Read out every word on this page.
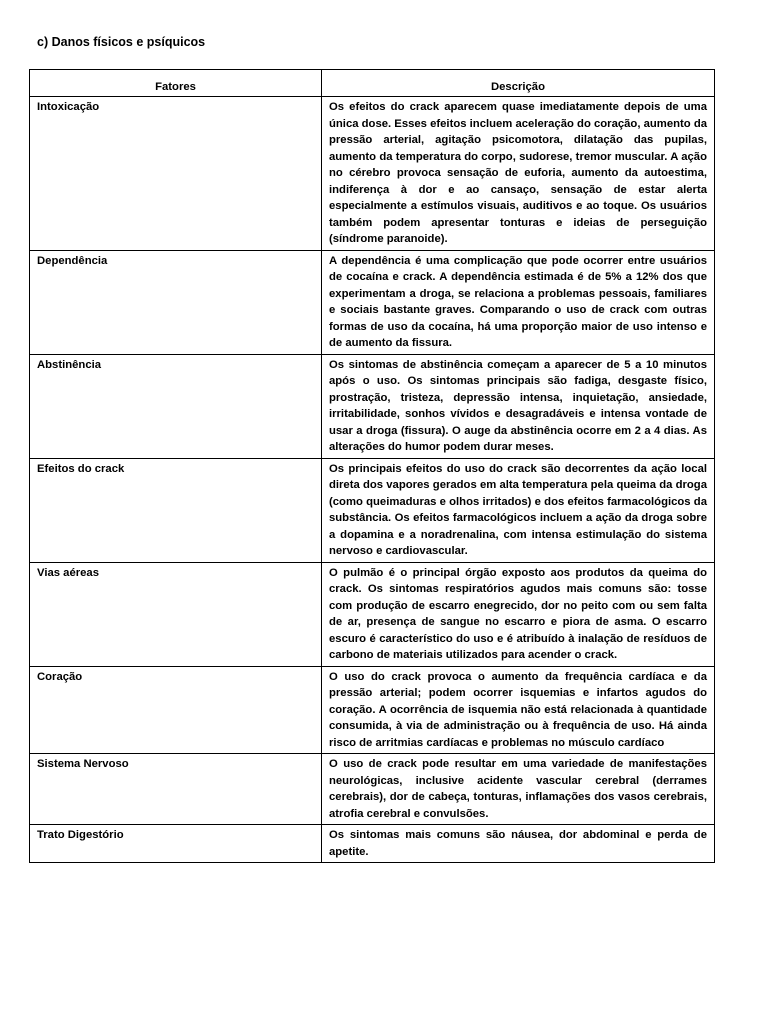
c) Danos físicos e psíquicos
Fatores	Descrição
Intoxicação	Os efeitos do crack aparecem quase imediatamente depois de uma única dose. Esses efeitos incluem aceleração do coração, aumento da pressão arterial, agitação psicomotora, dilatação das pupilas, aumento da temperatura do corpo, sudorese, tremor muscular. A ação no cérebro provoca sensação de euforia, aumento da autoestima, indiferença à dor e ao cansaço, sensação de estar alerta especialmente a estímulos visuais, auditivos e ao toque. Os usuários também podem apresentar tonturas e ideias de perseguição (síndrome paranoide).
Dependência	A dependência é uma complicação que pode ocorrer entre usuários de cocaína e crack. A dependência estimada é de 5% a 12% dos que experimentam a droga, se relaciona a problemas pessoais, familiares e sociais bastante graves. Comparando o uso de crack com outras formas de uso da cocaína, há uma proporção maior de uso intenso e de aumento da fissura.
Abstinência	Os sintomas de abstinência começam a aparecer de 5 a 10 minutos após o uso. Os sintomas principais são fadiga, desgaste físico, prostração, tristeza, depressão intensa, inquietação, ansiedade, irritabilidade, sonhos vívidos e desagradáveis e intensa vontade de usar a droga (fissura). O auge da abstinência ocorre em 2 a 4 dias. As alterações do humor podem durar meses.
Efeitos do crack	Os principais efeitos do uso do crack são decorrentes da ação local direta dos vapores gerados em alta temperatura pela queima da droga (como queimaduras e olhos irritados) e dos efeitos farmacológicos da substância. Os efeitos farmacológicos incluem a ação da droga sobre a dopamina e a noradrenalina, com intensa estimulação do sistema nervoso e cardiovascular.
Vias aéreas	O pulmão é o principal órgão exposto aos produtos da queima do crack. Os sintomas respiratórios agudos mais comuns são: tosse com produção de escarro enegrecido, dor no peito com ou sem falta de ar, presença de sangue no escarro e piora de asma. O escarro escuro é característico do uso e é atribuído à inalação de resíduos de carbono de materiais utilizados para acender o crack.
Coração	O uso do crack provoca o aumento da frequência cardíaca e da pressão arterial; podem ocorrer isquemias e infartos agudos do coração. A ocorrência de isquemia não está relacionada à quantidade consumida, à via de administração ou à frequência de uso. Há ainda risco de arritmias cardíacas e problemas no músculo cardíaco
Sistema Nervoso	O uso de crack pode resultar em uma variedade de manifestações neurológicas, inclusive acidente vascular cerebral (derrames cerebrais), dor de cabeça, tonturas, inflamações dos vasos cerebrais, atrofia cerebral e convulsões.
Trato Digestório	Os sintomas mais comuns são náusea, dor abdominal e perda de apetite.
